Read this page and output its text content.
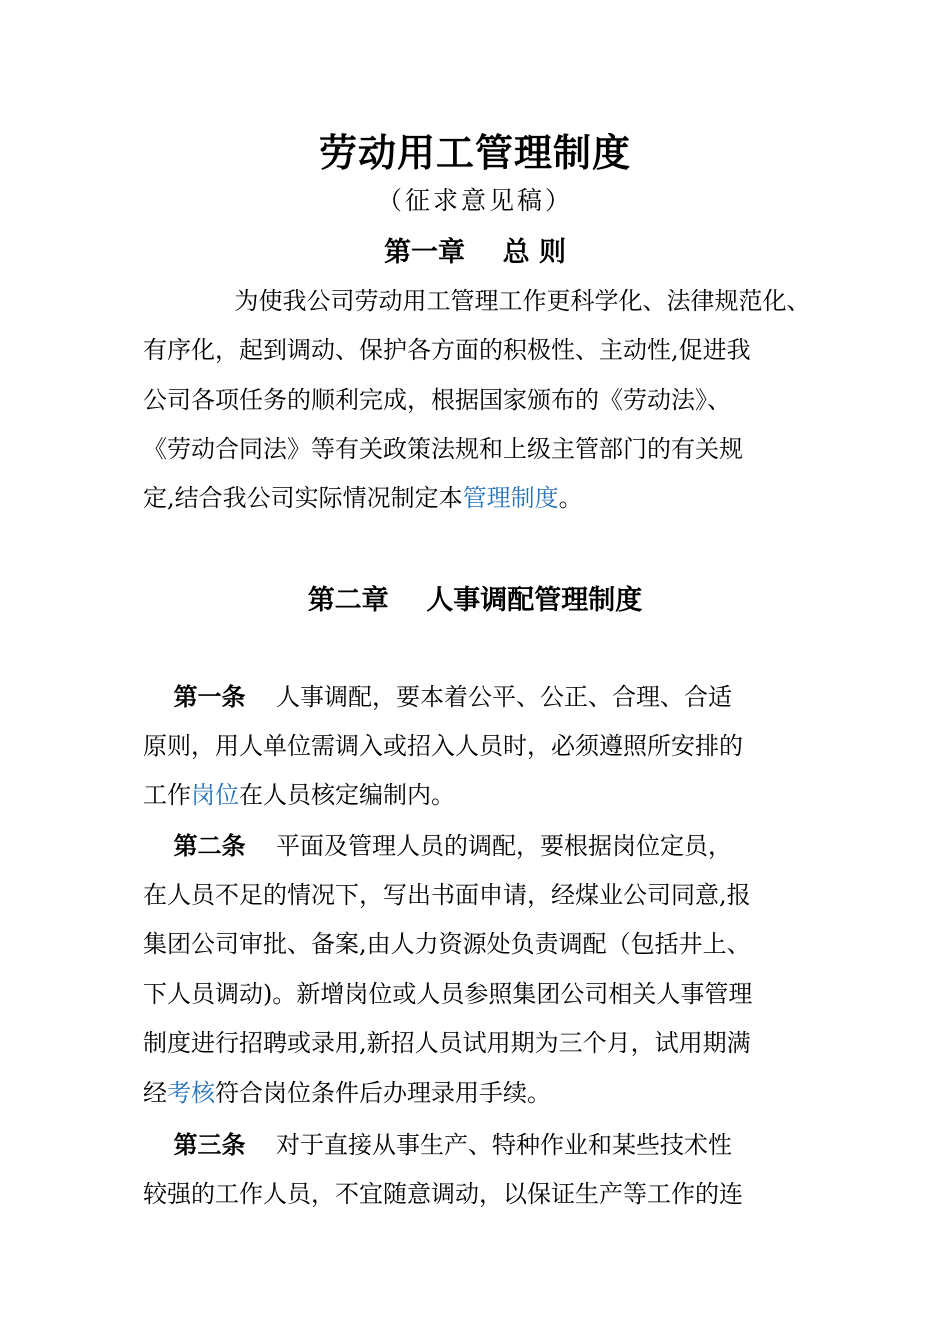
劳动用工管理制度
（征求意见稿）
第一章    总 则
为使我公司劳动用工管理工作更科学化、法律规范化、
有序化，起到调动、保护各方面的积极性、主动性,促进我
公司各项任务的顺利完成，根据国家颁布的《劳动法》、
《劳动合同法》等有关政策法规和上级主管部门的有关规
定,结合我公司实际情况制定本管理制度。
第二章    人事调配管理制度
第一条    人事调配，要本着公平、公正、合理、合适
原则，用人单位需调入或招入人员时，必须遵照所安排的
工作岗位在人员核定编制内。
第二条    平面及管理人员的调配，要根据岗位定员，
在人员不足的情况下，写出书面申请，经煤业公司同意,报
集团公司审批、备案,由人力资源处负责调配（包括井上、
下人员调动)。新增岗位或人员参照集团公司相关人事管理
制度进行招聘或录用,新招人员试用期为三个月，试用期满
经考核符合岗位条件后办理录用手续。
第三条    对于直接从事生产、特种作业和某些技术性
较强的工作人员，不宜随意调动，以保证生产等工作的连
